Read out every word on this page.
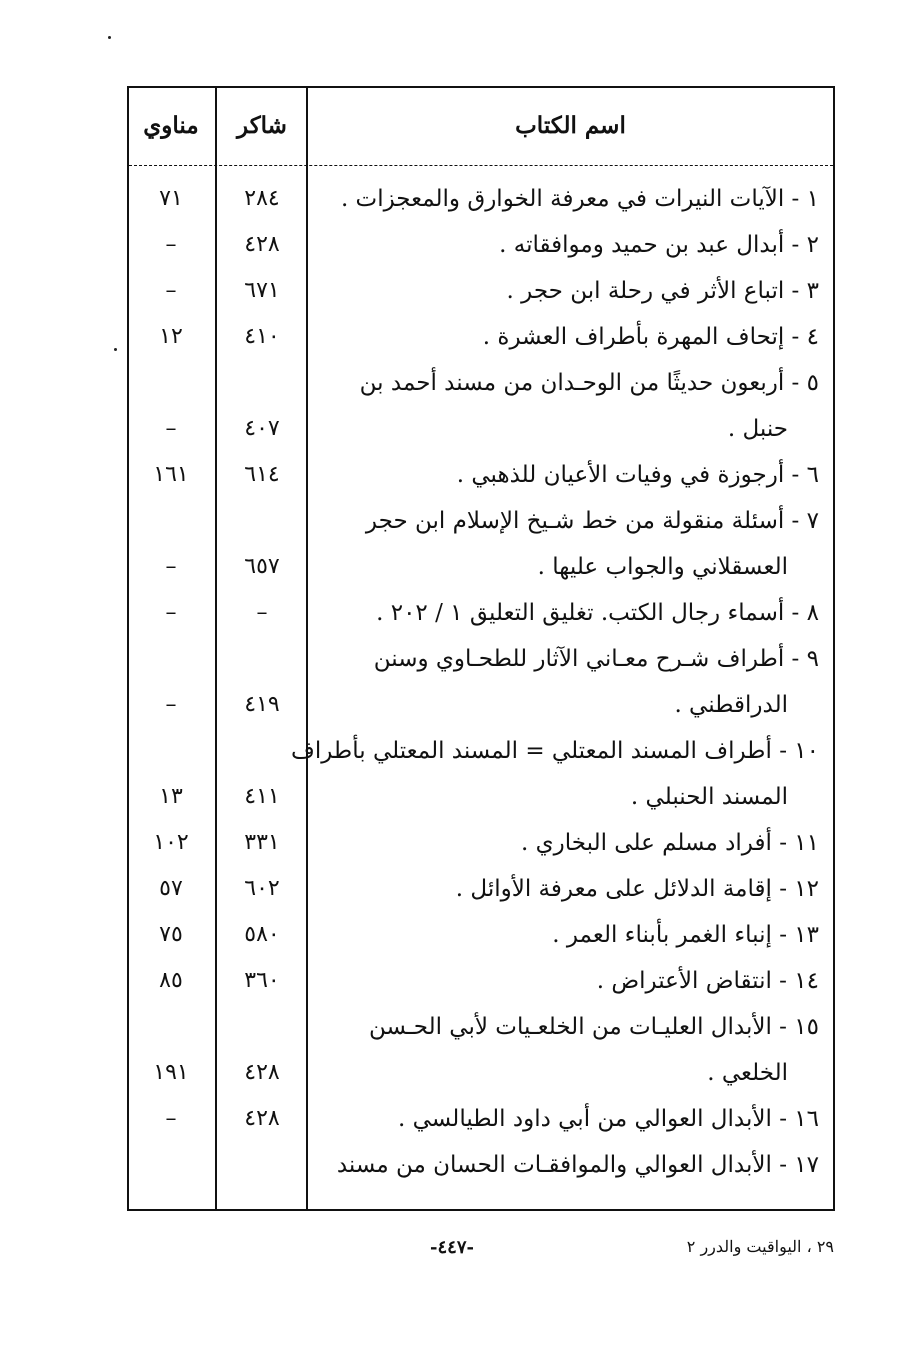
اسم الكتاب
شاكر
مناوي
١ - الآيات النيرات في معرفة الخوارق والمعجزات .
٢٨٤
٧١
٢ - أبدال عبد بن حميد وموافقاته .
٤٢٨
–
٣ - اتباع الأثر في رحلة ابن حجر .
٦٧١
–
٤ - إتحاف المهرة بأطراف العشرة .
٤١٠
١٢
٥ - أربعون حديثًا من الوحـدان من مسند أحمد بن
حنبل .
٤٠٧
–
٦ - أرجوزة في وفيات الأعيان للذهبي .
٦١٤
١٦١
٧ - أسئلة منقولة من خط شـيخ الإسلام ابن حجر
العسقلاني والجواب عليها .
٦٥٧
–
٨ - أسماء رجال الكتب. تغليق التعليق ١ / ٢٠٢ .
–
–
٩ - أطراف شـرح معـاني الآثار للطحـاوي وسنن
الدراقطني .
٤١٩
–
١٠ - أطراف المسند المعتلي = المسند المعتلي بأطراف
المسند الحنبلي .
٤١١
١٣
١١ - أفراد مسلم على البخاري .
٣٣١
١٠٢
١٢ - إقامة الدلائل على معرفة الأوائل .
٦٠٢
٥٧
١٣ - إنباء الغمر بأبناء العمر .
٥٨٠
٧٥
١٤ - انتقاض الأعتراض .
٣٦٠
٨٥
١٥ - الأبدال العليـات من الخلعـيات لأبي الحـسن
الخلعي .
٤٢٨
١٩١
١٦ - الأبدال العوالي من أبي داود الطيالسي .
٤٢٨
–
١٧ - الأبدال العوالي والموافقـات الحسان من مسند
٢٩ ، اليواقيت والدرر ٢
-٤٤٧-
